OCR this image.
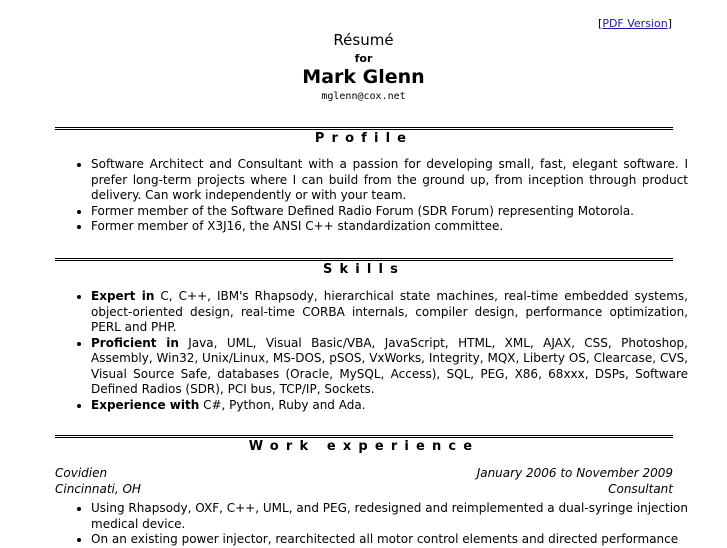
[PDF Version]
Résumé
for
Mark Glenn
mglenn@cox.net
Profile
• Software Architect and Consultant with a passion for developing small, fast, elegant software. I prefer long-term projects where I can build from the ground up, from inception through product delivery. Can work independently or with your team.
• Former member of the Software Defined Radio Forum (SDR Forum) representing Motorola.
• Former member of X3J16, the ANSI C++ standardization committee.
Skills
• Expert in C, C++, IBM's Rhapsody, hierarchical state machines, real-time embedded systems, object-oriented design, real-time CORBA internals, compiler design, performance optimization, PERL and PHP.
• Proficient in Java, UML, Visual Basic/VBA, JavaScript, HTML, XML, AJAX, CSS, Photoshop, Assembly, Win32, Unix/Linux, MS-DOS, pSOS, VxWorks, Integrity, MQX, Liberty OS, Clearcase, CVS, Visual Source Safe, databases (Oracle, MySQL, Access), SQL, PEG, X86, 68xxx, DSPs, Software Defined Radios (SDR), PCI bus, TCP/IP, Sockets.
• Experience with C#, Python, Ruby and Ada.
Work experience
Covidien	January 2006 to November 2009
Cincinnati, OH	Consultant
• Using Rhapsody, OXF, C++, UML, and PEG, redesigned and reimplemented a dual-syringe injection medical device.
• On an existing power injector, rearchitected all motor control elements and directed performance
